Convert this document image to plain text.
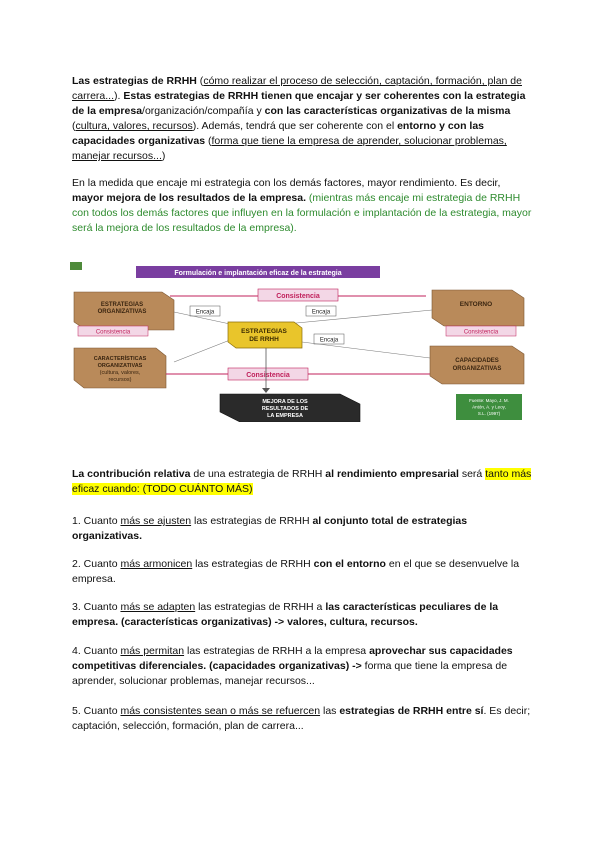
Las estrategias de RRHH (cómo realizar el proceso de selección, captación, formación, plan de carrera...). Estas estrategias de RRHH tienen que encajar y ser coherentes con la estrategia de la empresa/organización/compañía y con las características organizativas de la misma (cultura, valores, recursos). Además, tendrá que ser coherente con el entorno y con las capacidades organizativas (forma que tiene la empresa de aprender, solucionar problemas, manejar recursos...)
En la medida que encaje mi estrategia con los demás factores, mayor rendimiento. Es decir, mayor mejora de los resultados de la empresa. (mientras más encaje mi estrategia de RRHH con todos los demás factores que influyen en la formulación e implantación de la estrategia, mayor será la mejora de los resultados de la empresa).
Formulación e implantación eficaz de la estrategia
Consistencia
ESTRATEGIAS
ORGANIZATIVAS
ENTORNO
Encaja	Encaja
Encaja
Consistencia	Consistencia
ESTRATEGIAS
DE RRHH
CARACTERÍSTICAS
ORGANIZATIVAS
(cultura, valores,
recursos)
CAPACIDADES
ORGANIZATIVAS
Consistencia
MEJORA DE LOS
RESULTADOS DE
LA EMPRESA
Fuente: Mayo, J. M.
Antón, A. y Leoy,
S.L. (1997)
La contribución relativa de una estrategia de RRHH al rendimiento empresarial será tanto más eficaz cuando: (TODO CUÁNTO MÁS)
1. Cuanto más se ajusten las estrategias de RRHH al conjunto total de estrategias organizativas.
2. Cuanto más armonicen las estrategias de RRHH con el entorno en el que se desenvuelve la empresa.
3. Cuanto más se adapten las estrategias de RRHH a las características peculiares de la empresa. (características organizativas) -> valores, cultura, recursos.
4. Cuanto más permitan las estrategias de RRHH a la empresa aprovechar sus capacidades competitivas diferenciales. (capacidades organizativas) -> forma que tiene la empresa de aprender, solucionar problemas, manejar recursos...
5. Cuanto más consistentes sean o más se refuercen las estrategias de RRHH entre sí. Es decir; captación, selección, formación, plan de carrera...
